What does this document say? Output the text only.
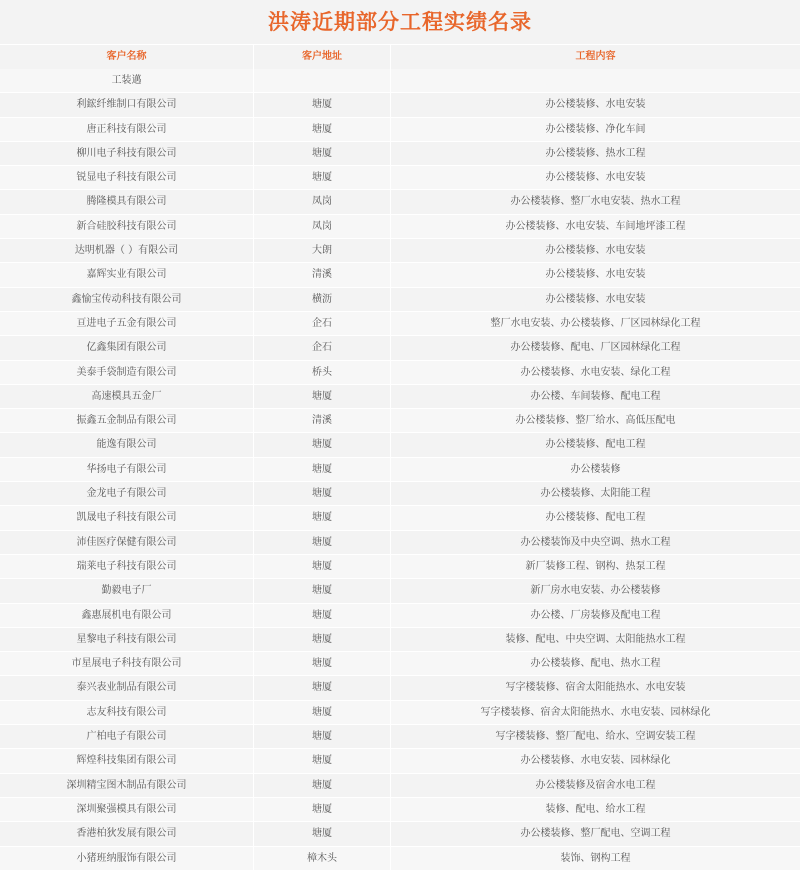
洪涛近期部分工程实绩名录
客户名称	客户地址	工程内容
工装邁
利鋐纤维制口有限公司	塘厦	办公楼装修、水电安装
唐正科技有限公司	塘厦	办公楼装修、净化车间
柳川电子科技有限公司	塘厦	办公楼装修、热水工程
锐显电子科技有限公司	塘厦	办公楼装修、水电安装
腾隆模具有限公司	凤岗	办公楼装修、整厂水电安装、热水工程
新合硅胶科技有限公司	凤岗	办公楼装修、水电安装、车间地坪漆工程
达明机器（ ）有限公司	大朗	办公楼装修、水电安装
嘉辉实业有限公司	清溪	办公楼装修、水电安装
鑫愉宝传动科技有限公司	横沥	办公楼装修、水电安装
亘进电子五金有限公司	企石	整厂水电安装、办公楼装修、厂区园林绿化工程
亿鑫集团有限公司	企石	办公楼装修、配电、厂区园林绿化工程
美泰手袋制造有限公司	桥头	办公楼装修、水电安装、绿化工程
高速模具五金厂	塘厦	办公楼、车间装修、配电工程
振鑫五金制品有限公司	清溪	办公楼装修、整厂给水、高低压配电
能逸有限公司	塘厦	办公楼装修、配电工程
华扬电子有限公司	塘厦	办公楼装修
金龙电子有限公司	塘厦	办公楼装修、太阳能工程
凯晟电子科技有限公司	塘厦	办公楼装修、配电工程
沛佳医疗保健有限公司	塘厦	办公楼装饰及中央空调、热水工程
瑞莱电子科技有限公司	塘厦	新厂装修工程、钢构、热泵工程
勤毅电子厂	塘厦	新厂房水电安装、办公楼装修
鑫惠展机电有限公司	塘厦	办公楼、厂房装修及配电工程
星黎电子科技有限公司	塘厦	装修、配电、中央空调、太阳能热水工程
市星展电子科技有限公司	塘厦	办公楼装修、配电、热水工程
泰兴表业制品有限公司	塘厦	写字楼装修、宿舍太阳能热水、水电安装
志友科技有限公司	塘厦	写字楼装修、宿舍太阳能热水、水电安装、园林绿化
广柏电子有限公司	塘厦	写字楼装修、整厂配电、给水、空调安装工程
辉煌科技集团有限公司	塘厦	办公楼装修、水电安装、园林绿化
深圳精宝图木制品有限公司	塘厦	办公楼装修及宿舍水电工程
深圳聚强模具有限公司	塘厦	装修、配电、给水工程
香港柏狄发展有限公司	塘厦	办公楼装修、整厂配电、空调工程
小猪班纳服饰有限公司	樟木头	装饰、钢构工程
